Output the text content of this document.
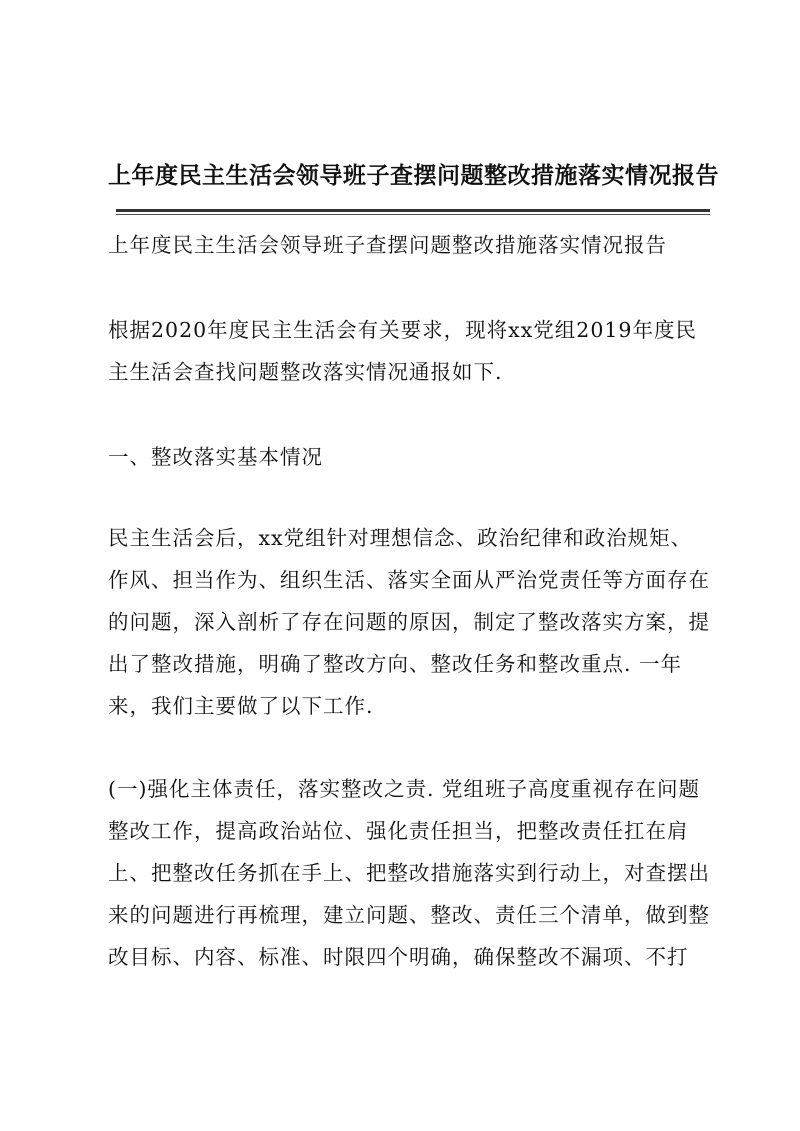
上年度民主生活会领导班子查摆问题整改措施落实情况报告
上年度民主生活会领导班子查摆问题整改措施落实情况报告
根据2020年度民主生活会有关要求，现将xx党组2019年度民
主生活会查找问题整改落实情况通报如下.
一、整改落实基本情况
民主生活会后，xx党组针对理想信念、政治纪律和政治规矩、
作风、担当作为、组织生活、落实全面从严治党责任等方面存在
的问题，深入剖析了存在问题的原因，制定了整改落实方案，提
出了整改措施，明确了整改方向、整改任务和整改重点. 一年
来，我们主要做了以下工作.
(一)强化主体责任，落实整改之责. 党组班子高度重视存在问题
整改工作，提高政治站位、强化责任担当，把整改责任扛在肩
上、把整改任务抓在手上、把整改措施落实到行动上，对查摆出
来的问题进行再梳理，建立问题、整改、责任三个清单，做到整
改目标、内容、标准、时限四个明确，确保整改不漏项、不打
